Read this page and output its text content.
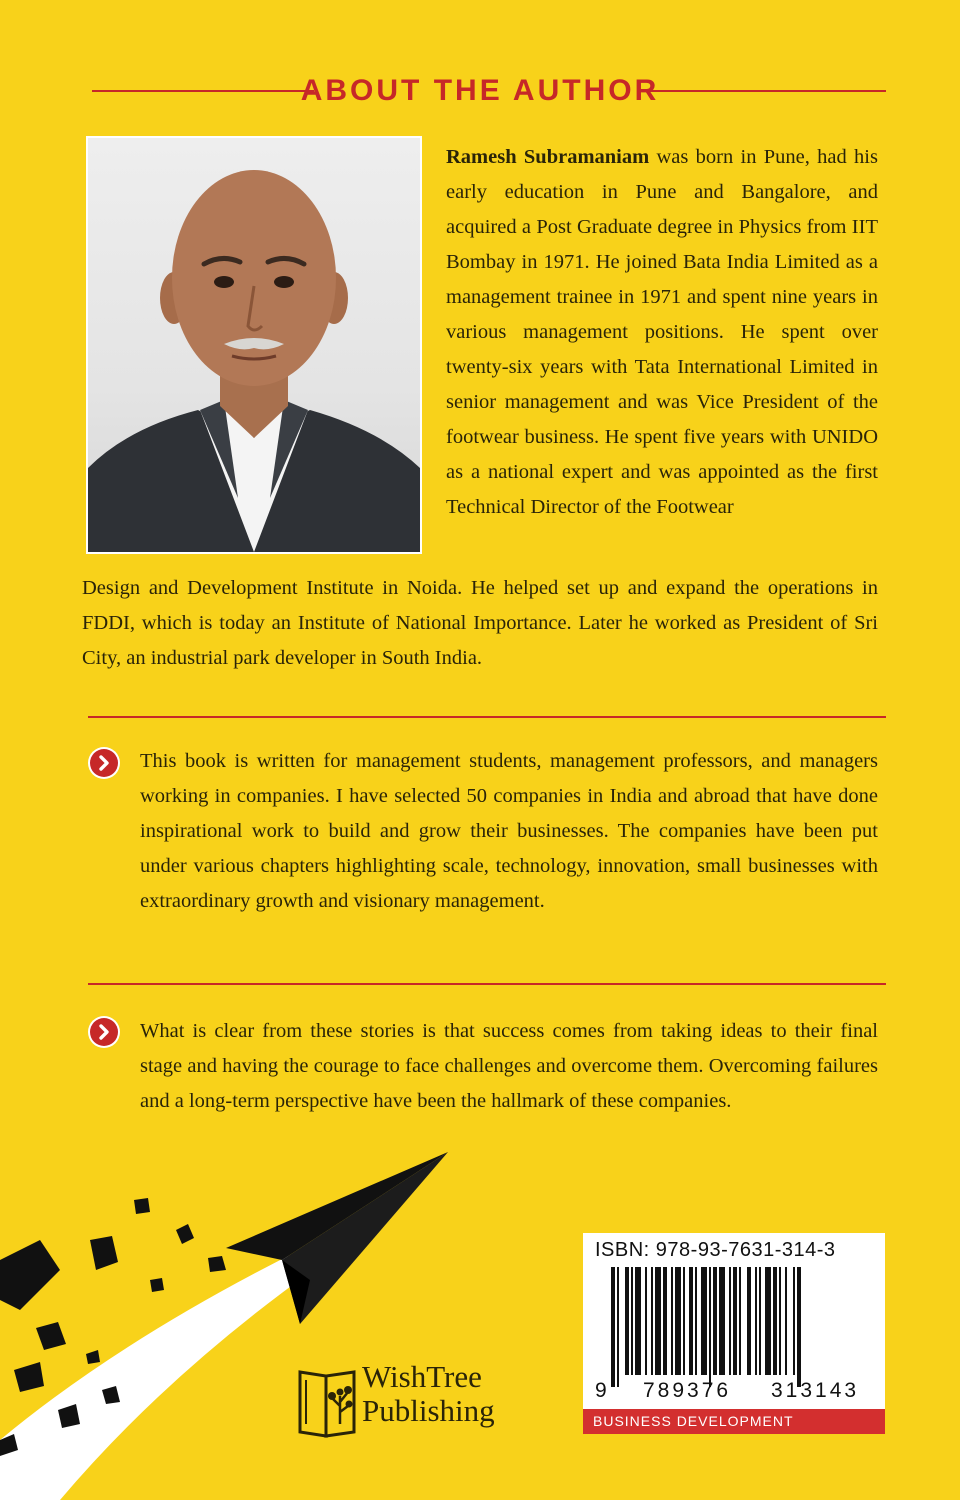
ABOUT THE AUTHOR

Ramesh Subramaniam was born in Pune, had his early education in Pune and Bangalore, and acquired a Post Graduate degree in Physics from IIT Bombay in 1971. He joined Bata India Limited as a management trainee in 1971 and spent nine years in various management positions. He spent over twenty-six years with Tata International Limited in senior management and was Vice President of the footwear business. He spent five years with UNIDO as a national expert and was appointed as the first Technical Director of the Footwear

Design and Development Institute in Noida. He helped set up and expand the operations in FDDI, which is today an Institute of National Importance. Later he worked as President of Sri City, an industrial park developer in South India.

This book is written for management students, management professors, and managers working in companies. I have selected 50 companies in India and abroad that have done inspirational work to build and grow their businesses. The companies have been put under various chapters highlighting scale, technology, innovation, small businesses with extraordinary growth and visionary management.

What is clear from these stories is that success comes from taking ideas to their final stage and having the courage to face challenges and overcome them. Overcoming failures and a long-term perspective have been the hallmark of these companies.

WishTree
Publishing
ISBN: 978-93-7631-314-3
9 789376 313143
BUSINESS DEVELOPMENT
